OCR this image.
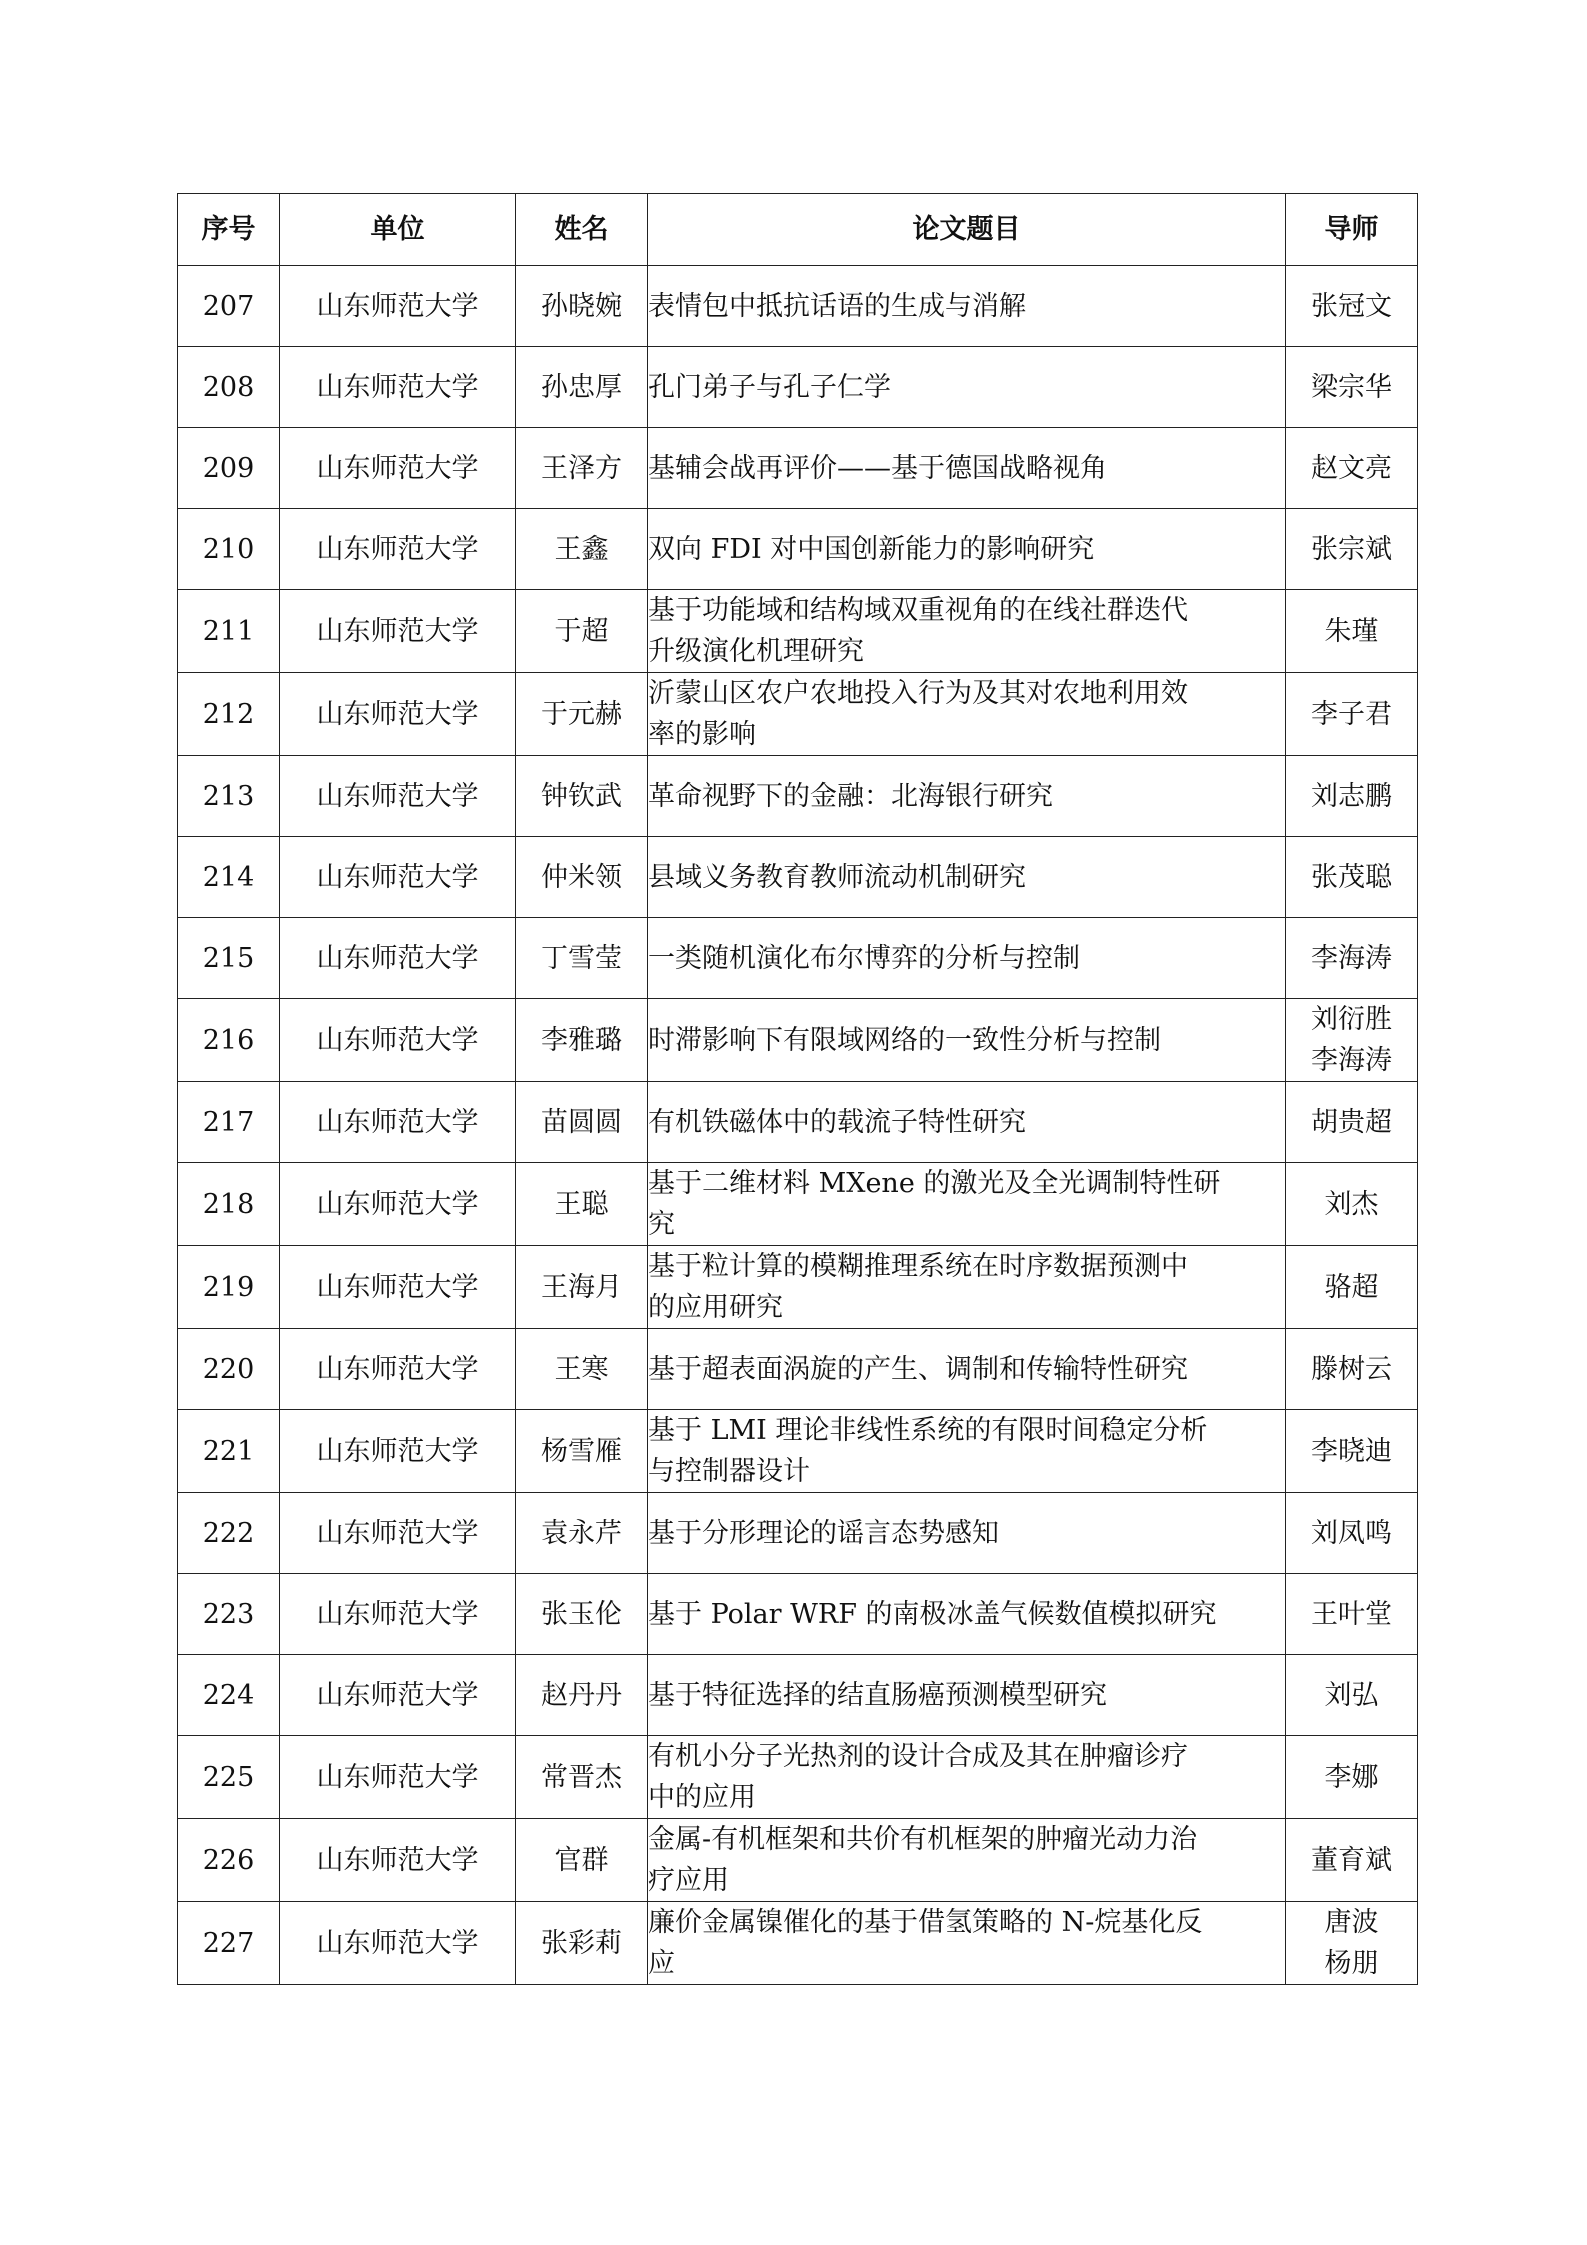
序号	单位	姓名	论文题目	导师
207	山东师范大学	孙晓婉	表情包中抵抗话语的生成与消解	张冠文

208	山东师范大学	孙忠厚	孔门弟子与孔子仁学	梁宗华

209	山东师范大学	王泽方	基辅会战再评价——基于德国战略视角	赵文亮

210	山东师范大学	王鑫	双向 FDI 对中国创新能力的影响研究	张宗斌

211	山东师范大学	于超	基于功能域和结构域双重视角的在线社群迭代
升级演化机理研究	朱瑾

212	山东师范大学	于元赫	沂蒙山区农户农地投入行为及其对农地利用效
率的影响	李子君

213	山东师范大学	钟钦武	革命视野下的金融：北海银行研究	刘志鹏

214	山东师范大学	仲米领	县域义务教育教师流动机制研究	张茂聪

215	山东师范大学	丁雪莹	一类随机演化布尔博弈的分析与控制	李海涛

216	山东师范大学	李雅璐	时滞影响下有限域网络的一致性分析与控制	刘衍胜
李海涛

217	山东师范大学	苗圆圆	有机铁磁体中的载流子特性研究	胡贵超

218	山东师范大学	王聪	基于二维材料 MXene 的激光及全光调制特性研
究	刘杰

219	山东师范大学	王海月	基于粒计算的模糊推理系统在时序数据预测中
的应用研究	骆超

220	山东师范大学	王寒	基于超表面涡旋的产生、调制和传输特性研究	滕树云

221	山东师范大学	杨雪雁	基于 LMI 理论非线性系统的有限时间稳定分析
与控制器设计	李晓迪

222	山东师范大学	袁永芹	基于分形理论的谣言态势感知	刘凤鸣

223	山东师范大学	张玉伦	基于 Polar WRF 的南极冰盖气候数值模拟研究	王叶堂

224	山东师范大学	赵丹丹	基于特征选择的结直肠癌预测模型研究	刘弘

225	山东师范大学	常晋杰	有机小分子光热剂的设计合成及其在肿瘤诊疗
中的应用	李娜

226	山东师范大学	官群	金属-有机框架和共价有机框架的肿瘤光动力治
疗应用	董育斌

227	山东师范大学	张彩莉	廉价金属镍催化的基于借氢策略的 N-烷基化反
应	唐波
杨朋
